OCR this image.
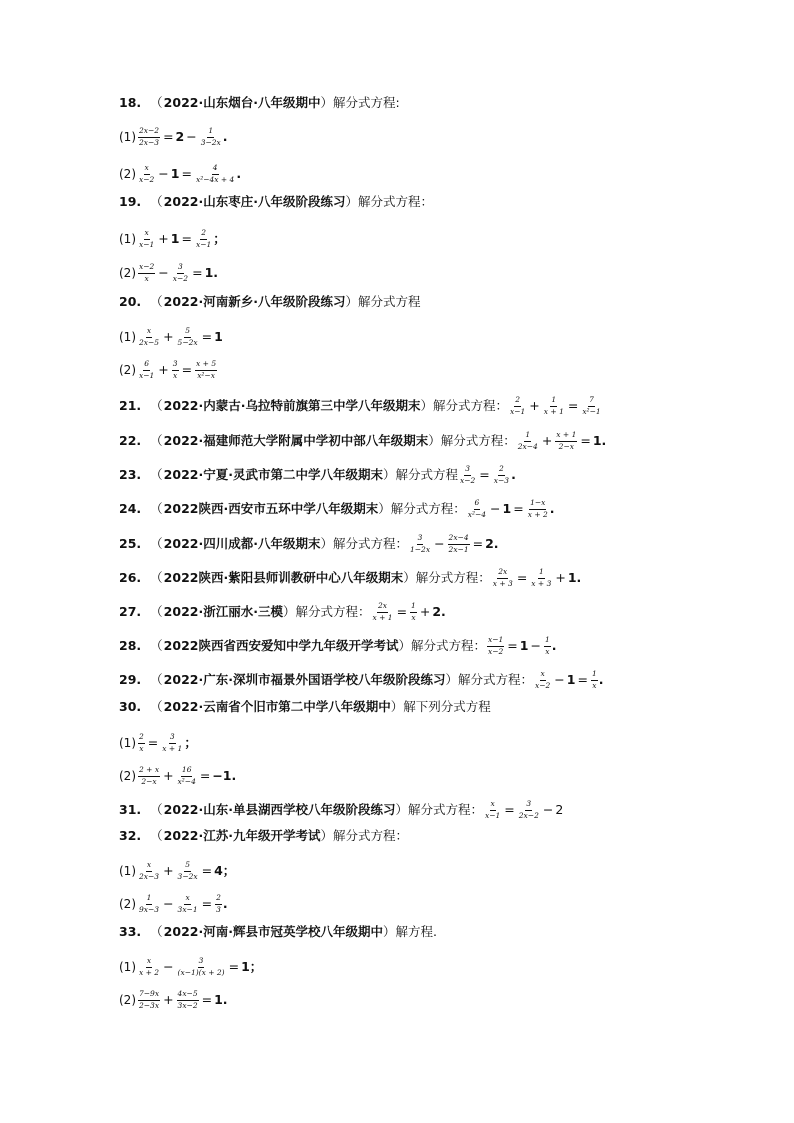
18. （ 2022·山东烟台·八年级期中 ） 解分式方程:
$(1) \frac{2x-2}{2x-3} = 2 - \frac{1}{3-2x}$ .
$(2) \frac{x}{x-2} - 1 = \frac{4}{\text{x²−4x + 4}}$ .
19. （ 2022·山东枣庄·八年级阶段练习 ） 解分式方程：
$(1) \frac{x}{x-1} + 1 = \frac{2}{x-1}$ ；
$(2) \frac{x-2}{x} - \frac{3}{x-2} = 1$ .
20. （ 2022·河南新乡·八年级阶段练习 ） 解分式方程
$(1) \frac{x}{2x-5} + \frac{5}{5-2x} = 1$
$(2) \frac{6}{x-1} + \frac{3}{x} = \frac{x + 5}{\text{x²−x}}$
21. （ 2022·内蒙古·乌拉特前旗第三中学八年级期末 ） 解分式方程： $\frac{2}{x-1} + \frac{1}{x + 1} = \frac{7}{\text{x²−1}}$
22. （ 2022·福建师范大学附属中学初中部八年级期末 ） 解分式方程： $\frac{1}{2x-4} + \frac{x + 1}{2-x} = 1$ .
23. （ 2022·宁夏·灵武市第二中学八年级期末 ） 解分式方程 $\frac{3}{x-2} = \frac{2}{x-3}$ .
24. （ 2022陕西·西安市五环中学八年级期末 ） 解分式方程： $\frac{6}{\text{x²−4}} - 1 = \frac{1-x}{x + 2}$ .
25. （ 2022·四川成都·八年级期末 ） 解分式方程： $\frac{3}{1-2x} - \frac{2x-4}{2x-1} = 2$ .
26. （ 2022陕西·紫阳县师训教研中心八年级期末 ） 解分式方程： $\frac{2x}{x + 3} = \frac{1}{x + 3} + 1$ .
27. （ 2022·浙江丽水·三模 ） 解分式方程： $\frac{2x}{x + 1} = \frac{1}{x} + 2$ .
28. （ 2022陕西省西安爱知中学九年级开学考试 ） 解分式方程： $\frac{x-1}{x-2} = 1 - \frac{1}{x}$ .
29. （ 2022·广东·深圳市福景外国语学校八年级阶段练习 ） 解分式方程： $\frac{x}{x-2} - 1 = \frac{1}{x}$ .
30. （ 2022·云南省个旧市第二中学八年级期中 ） 解下列分式方程
$(1) \frac{2}{x} = \frac{3}{x + 1}$ ；
$(2) \frac{2 + x}{2-x} + \frac{16}{\text{x²−4}} = -1$ .
31. （ 2022·山东·单县湖西学校八年级阶段练习 ） 解分式方程： $\frac{x}{x-1} = \frac{3}{2x-2} - 2$
32. （ 2022·江苏·九年级开学考试 ） 解分式方程：
$(1) \frac{x}{2x-3} + \frac{5}{3-2x} = 4$ ；
$(2) \frac{1}{9x-3} - \frac{x}{3x-1} = \frac{2}{3}$ .
33. （ 2022·河南·辉县市冠英学校八年级期中 ） 解方程.
$(1) \frac{x}{x + 2} - \frac{3}{(x-1)(x + 2)} = 1$ ；
$(2) \frac{7-9x}{2-3x} + \frac{4x-5}{3x-2} = 1$ .
